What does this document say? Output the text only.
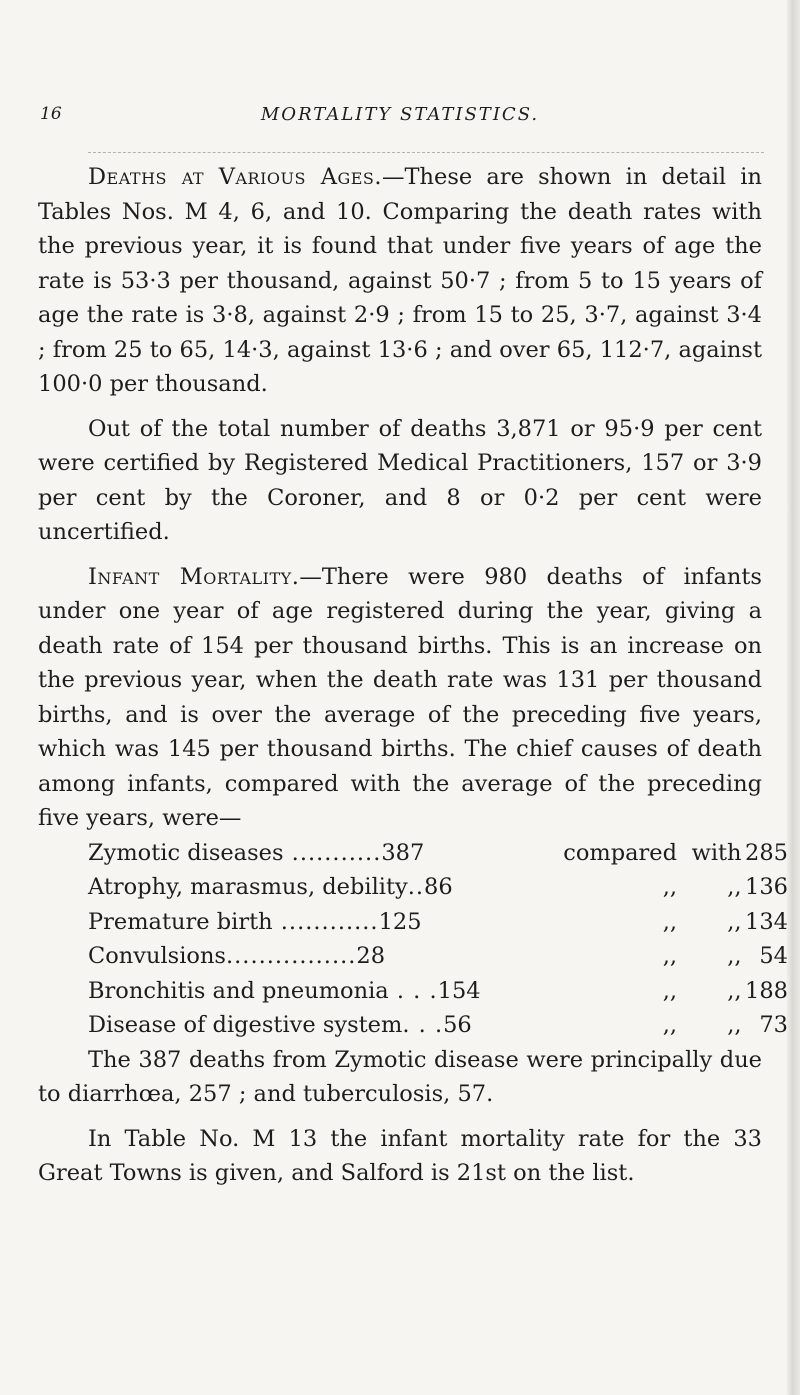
16	MORTALITY STATISTICS.

Deaths at Various Ages.—These are shown in detail in Tables Nos. M 4, 6, and 10. Comparing the death rates with the previous year, it is found that under five years of age the rate is 53·3 per thousand, against 50·7 ; from 5 to 15 years of age the rate is 3·8, against 2·9 ; from 15 to 25, 3·7, against 3·4 ; from 25 to 65, 14·3, against 13·6 ; and over 65, 112·7, against 100·0 per thousand.

Out of the total number of deaths 3,871 or 95·9 per cent were certified by Registered Medical Practitioners, 157 or 3·9 per cent by the Coroner, and 8 or 0·2 per cent were uncertified.

Infant Mortality.—There were 980 deaths of infants under one year of age registered during the year, giving a death rate of 154 per thousand births. This is an increase on the previous year, when the death rate was 131 per thousand births, and is over the average of the preceding five years, which was 145 per thousand births. The chief causes of death among infants, compared with the average of the preceding five years, were—

Zymotic diseases ...........387	compared	with	285
Atrophy, marasmus, debility..86	,,	,,	136
Premature birth ............125	,,	,,	134
Convulsions................28	,,	,,	54
Bronchitis and pneumonia . . .154	,,	,,	188
Disease of digestive system. . .56	,,	,,	73

The 387 deaths from Zymotic disease were principally due to diarrhœa, 257 ; and tuberculosis, 57.

In Table No. M 13 the infant mortality rate for the 33 Great Towns is given, and Salford is 21st on the list.
